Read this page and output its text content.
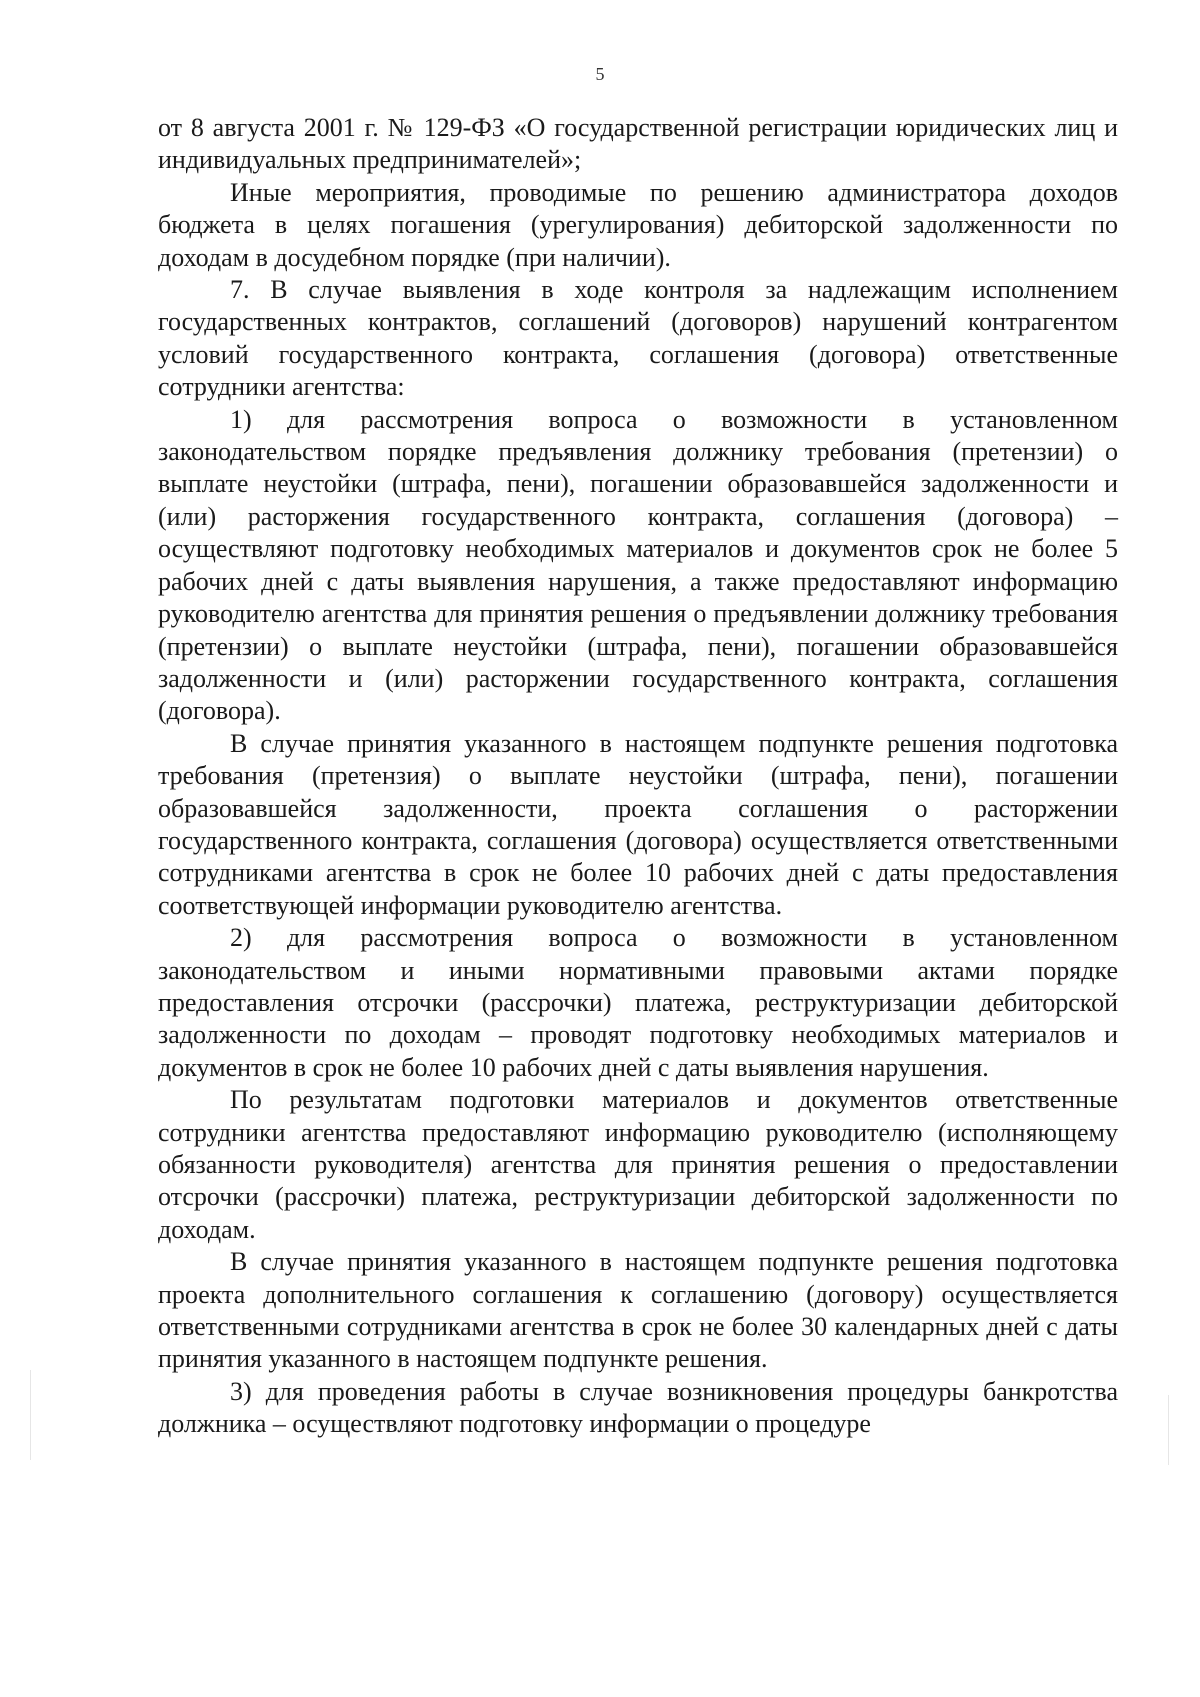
5

от 8 августа 2001 г. № 129-ФЗ «О государственной регистрации юридических лиц и индивидуальных предпринимателей»;

Иные мероприятия, проводимые по решению администратора доходов бюджета в целях погашения (урегулирования) дебиторской задолженности по доходам в досудебном порядке (при наличии).

7. В случае выявления в ходе контроля за надлежащим исполнением государственных контрактов, соглашений (договоров) нарушений контрагентом условий государственного контракта, соглашения (договора) ответственные сотрудники агентства:

1) для рассмотрения вопроса о возможности в установленном законодательством порядке предъявления должнику требования (претензии) о выплате неустойки (штрафа, пени), погашении образовавшейся задолженности и (или) расторжения государственного контракта, соглашения (договора) – осуществляют подготовку необходимых материалов и документов срок не более 5 рабочих дней с даты выявления нарушения, а также предоставляют информацию руководителю агентства для принятия решения о предъявлении должнику требования (претензии) о выплате неустойки (штрафа, пени), погашении образовавшейся задолженности и (или) расторжении государственного контракта, соглашения (договора).

В случае принятия указанного в настоящем подпункте решения подготовка требования (претензия) о выплате неустойки (штрафа, пени), погашении образовавшейся задолженности, проекта соглашения о расторжении государственного контракта, соглашения (договора) осуществляется ответственными сотрудниками агентства в срок не более 10 рабочих дней с даты предоставления соответствующей информации руководителю агентства.

2) для рассмотрения вопроса о возможности в установленном законодательством и иными нормативными правовыми актами порядке предоставления отсрочки (рассрочки) платежа, реструктуризации дебиторской задолженности по доходам – проводят подготовку необходимых материалов и документов в срок не более 10 рабочих дней с даты выявления нарушения.

По результатам подготовки материалов и документов ответственные сотрудники агентства предоставляют информацию руководителю (исполняющему обязанности руководителя) агентства для принятия решения о предоставлении отсрочки (рассрочки) платежа, реструктуризации дебиторской задолженности по доходам.

В случае принятия указанного в настоящем подпункте решения подготовка проекта дополнительного соглашения к соглашению (договору) осуществляется ответственными сотрудниками агентства в срок не более 30 календарных дней с даты принятия указанного в настоящем подпункте решения.

3) для проведения работы в случае возникновения процедуры банкротства должника – осуществляют подготовку информации о процедуре
